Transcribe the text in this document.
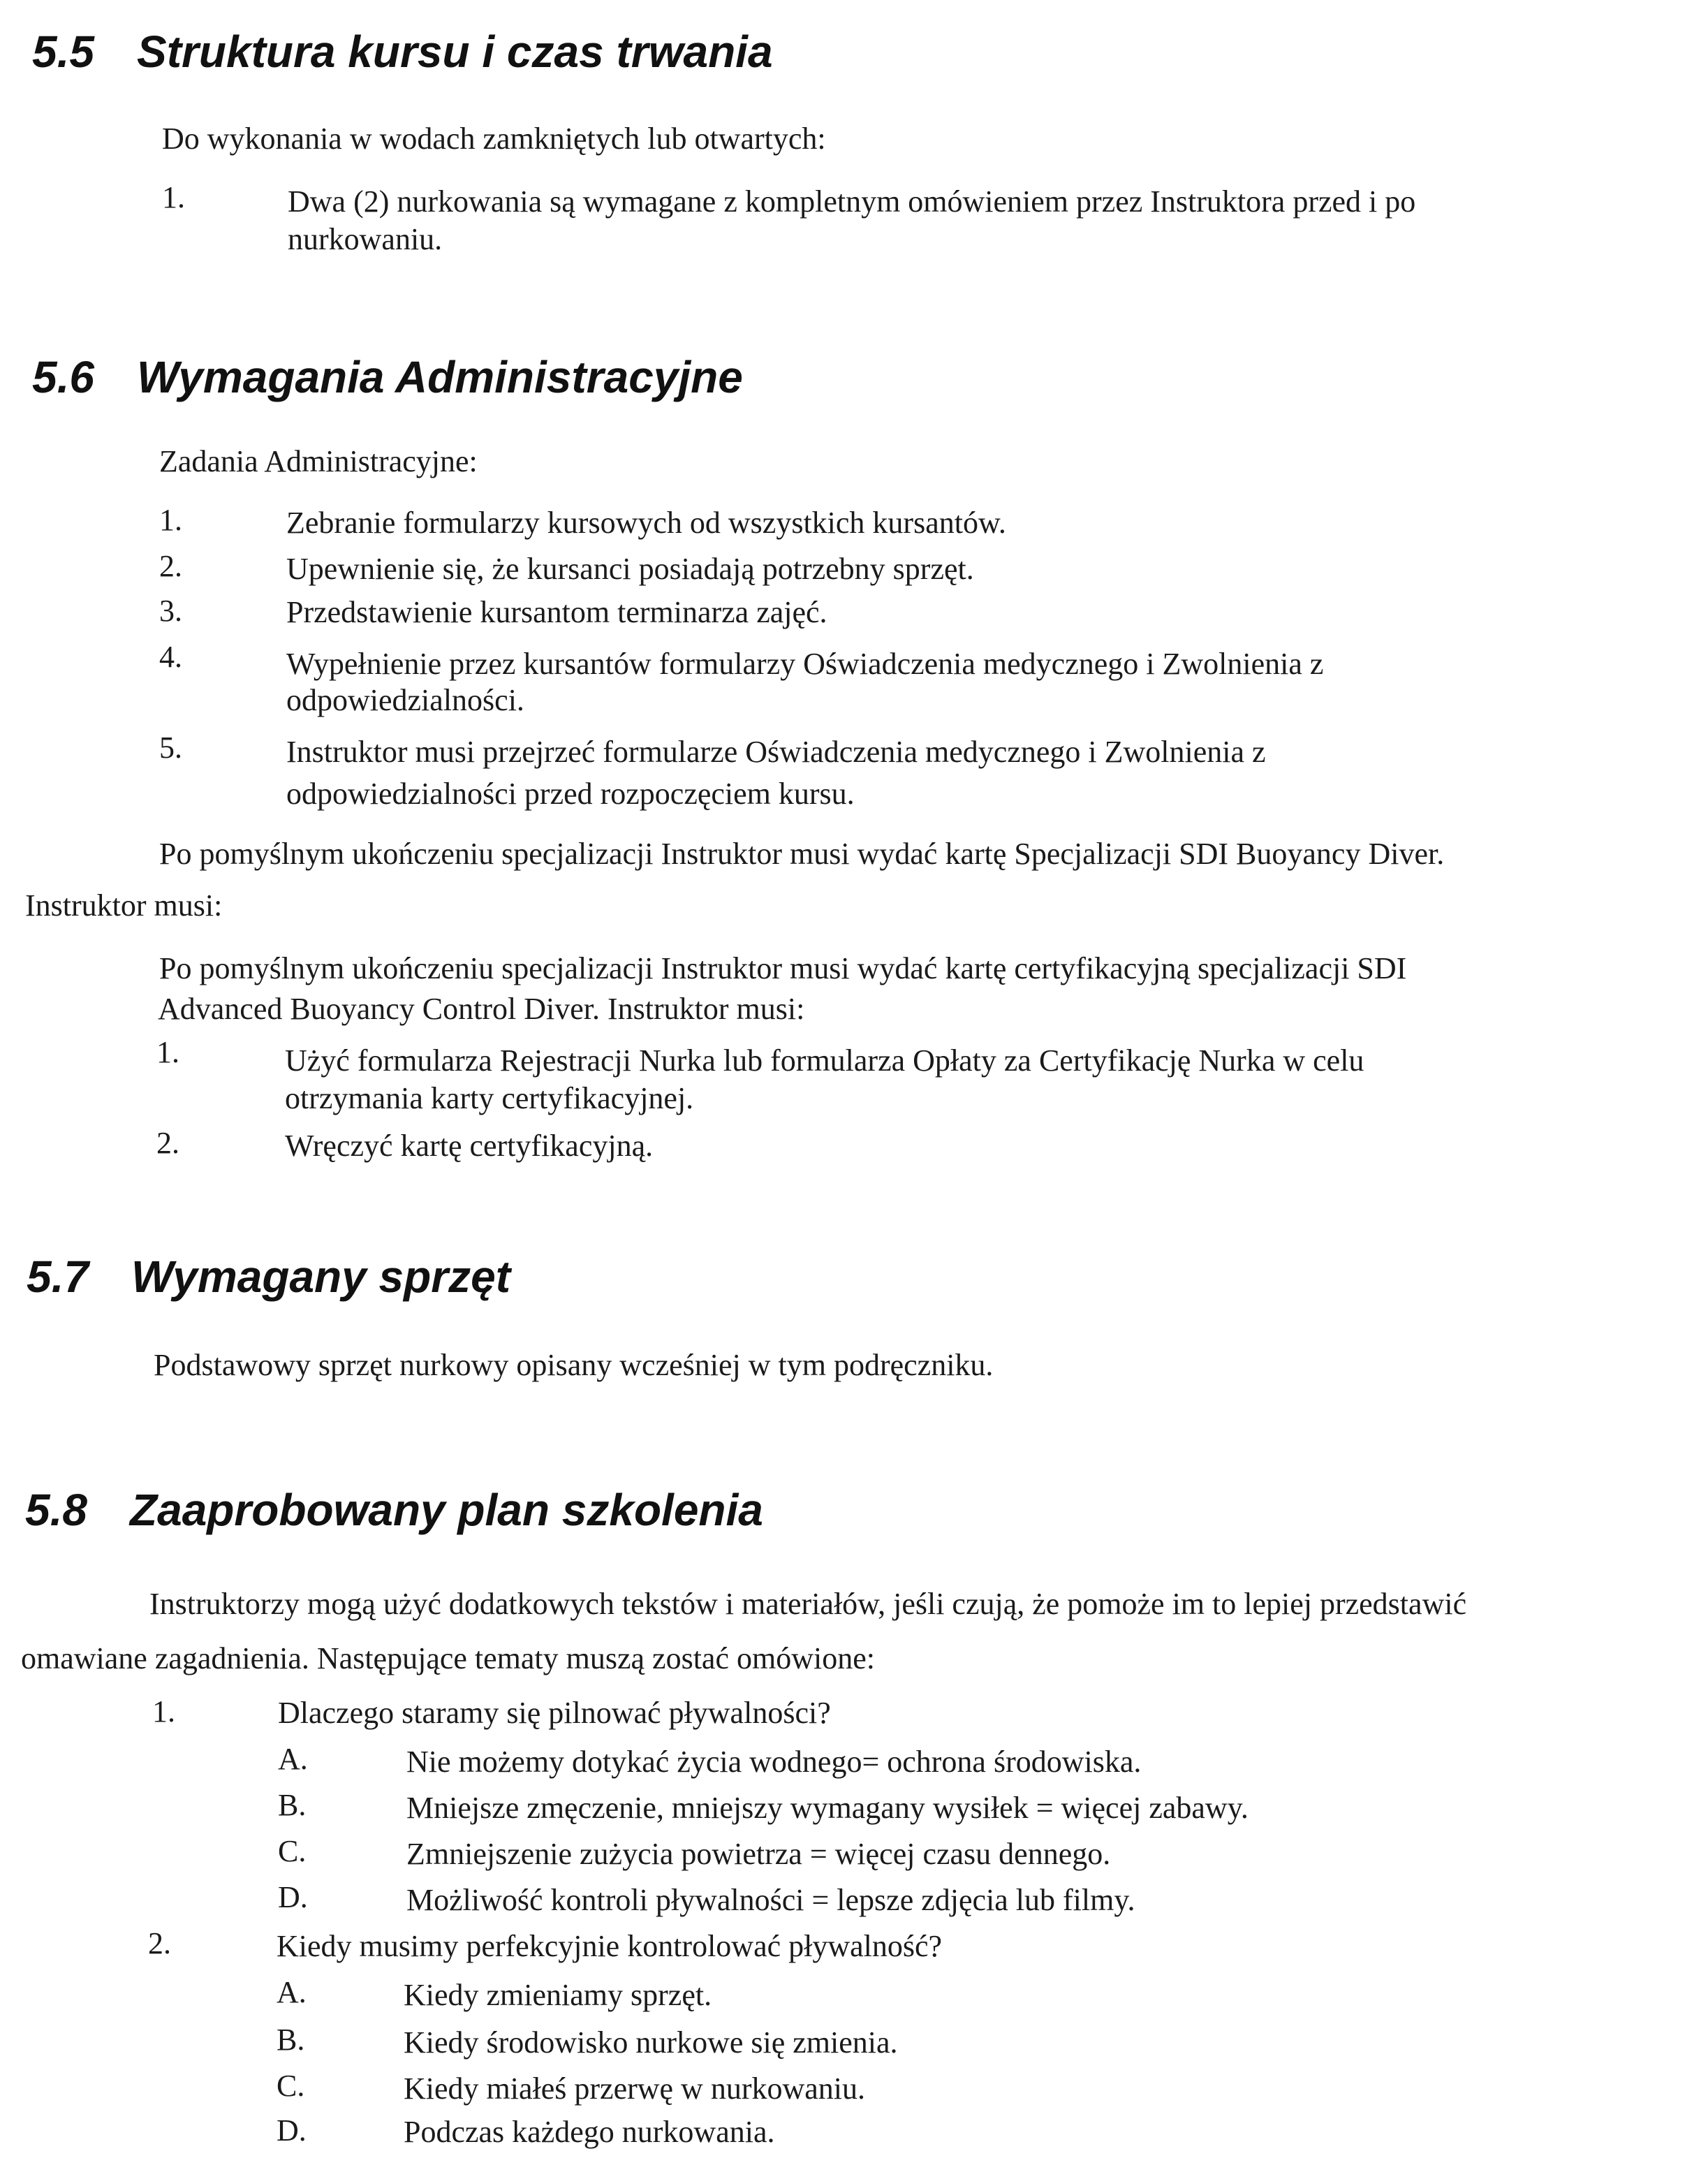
5.5 Struktura kursu i czas trwania

Do wykonania w wodach zamkniętych lub otwartych:

1.	Dwa (2) nurkowania są wymagane z kompletnym omówieniem przez Instruktora przed i po

nurkowaniu.

5.6 Wymagania Administracyjne

Zadania Administracyjne:

1.	Zebranie formularzy kursowych od wszystkich kursantów.

2.	Upewnienie się, że kursanci posiadają potrzebny sprzęt.

3.	Przedstawienie kursantom terminarza zajęć.

4.	Wypełnienie przez kursantów formularzy Oświadczenia medycznego i Zwolnienia z

odpowiedzialności.

5.	Instruktor musi przejrzeć formularze Oświadczenia medycznego i Zwolnienia z

odpowiedzialności przed rozpoczęciem kursu.

Po pomyślnym ukończeniu specjalizacji Instruktor musi wydać kartę Specjalizacji SDI Buoyancy Diver.

Instruktor musi:

Po pomyślnym ukończeniu specjalizacji Instruktor musi wydać kartę certyfikacyjną specjalizacji SDI

Advanced Buoyancy Control Diver. Instruktor musi:

1.	Użyć formularza Rejestracji Nurka lub formularza Opłaty za Certyfikację Nurka w celu

otrzymania karty certyfikacyjnej.

2.	Wręczyć kartę certyfikacyjną.

5.7 Wymagany sprzęt

Podstawowy sprzęt nurkowy opisany wcześniej w tym podręczniku.

5.8 Zaaprobowany plan szkolenia

Instruktorzy mogą użyć dodatkowych tekstów i materiałów, jeśli czują, że pomoże im to lepiej przedstawić

omawiane zagadnienia. Następujące tematy muszą zostać omówione:

1.	Dlaczego staramy się pilnować pływalności?

A.	Nie możemy dotykać życia wodnego= ochrona środowiska.

B.	Mniejsze zmęczenie, mniejszy wymagany wysiłek = więcej zabawy.

C.	Zmniejszenie zużycia powietrza = więcej czasu dennego.

D.	Możliwość kontroli pływalności = lepsze zdjęcia lub filmy.

2.	Kiedy musimy perfekcyjnie kontrolować pływalność?

A.	Kiedy zmieniamy sprzęt.

B.	Kiedy środowisko nurkowe się zmienia.

C.	Kiedy miałeś przerwę w nurkowaniu.

D.	Podczas każdego nurkowania.
